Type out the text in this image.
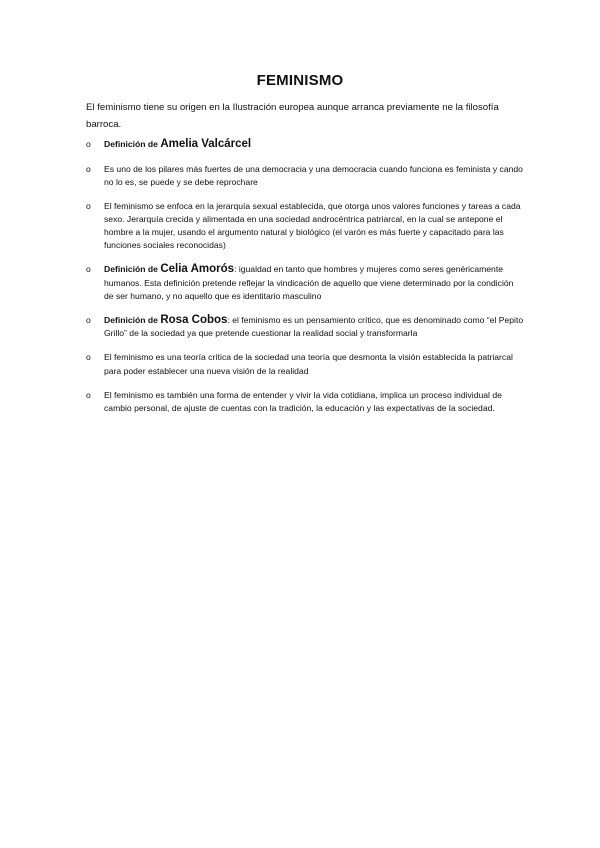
FEMINISMO
El feminismo tiene su origen en la Ilustración europea aunque arranca previamente ne la filosofía barroca.
o Definición de Amelia Valcárcel
o Es uno de los pilares más fuertes de una democracia y una democracia cuando funciona es feminista y cando no lo es, se puede y se debe reprochare
o El feminismo se enfoca en la jerarquía sexual establecida, que otorga unos valores funciones y tareas a cada sexo. Jerarquía crecida y alimentada en una sociedad androcéntrica patriarcal, en la cual se antepone el hombre a la mujer, usando el argumento natural y biológico (el varón es más fuerte y capacitado para las funciones sociales reconocidas)
o Definición de Celia Amorós: igualdad en tanto que hombres y mujeres como seres genéricamente humanos. Esta definición pretende reflejar la vindicación de aquello que viene determinado por la condición de ser humano, y no aquello que es identitario masculino
o Definición de Rosa Cobos: el feminismo es un pensamiento crítico, que es denominado como “el Pepito Grillo” de la sociedad ya que pretende cuestionar la realidad social y transformarla
o El feminismo es una teoría crítica de la sociedad una teoría que desmonta la visión establecida la patriarcal para poder establecer una nueva visión de la realidad
o El feminismo es también una forma de entender y vivir la vida cotidiana, implica un proceso individual de cambio personal, de ajuste de cuentas con la tradición, la educación y las expectativas de la sociedad.
